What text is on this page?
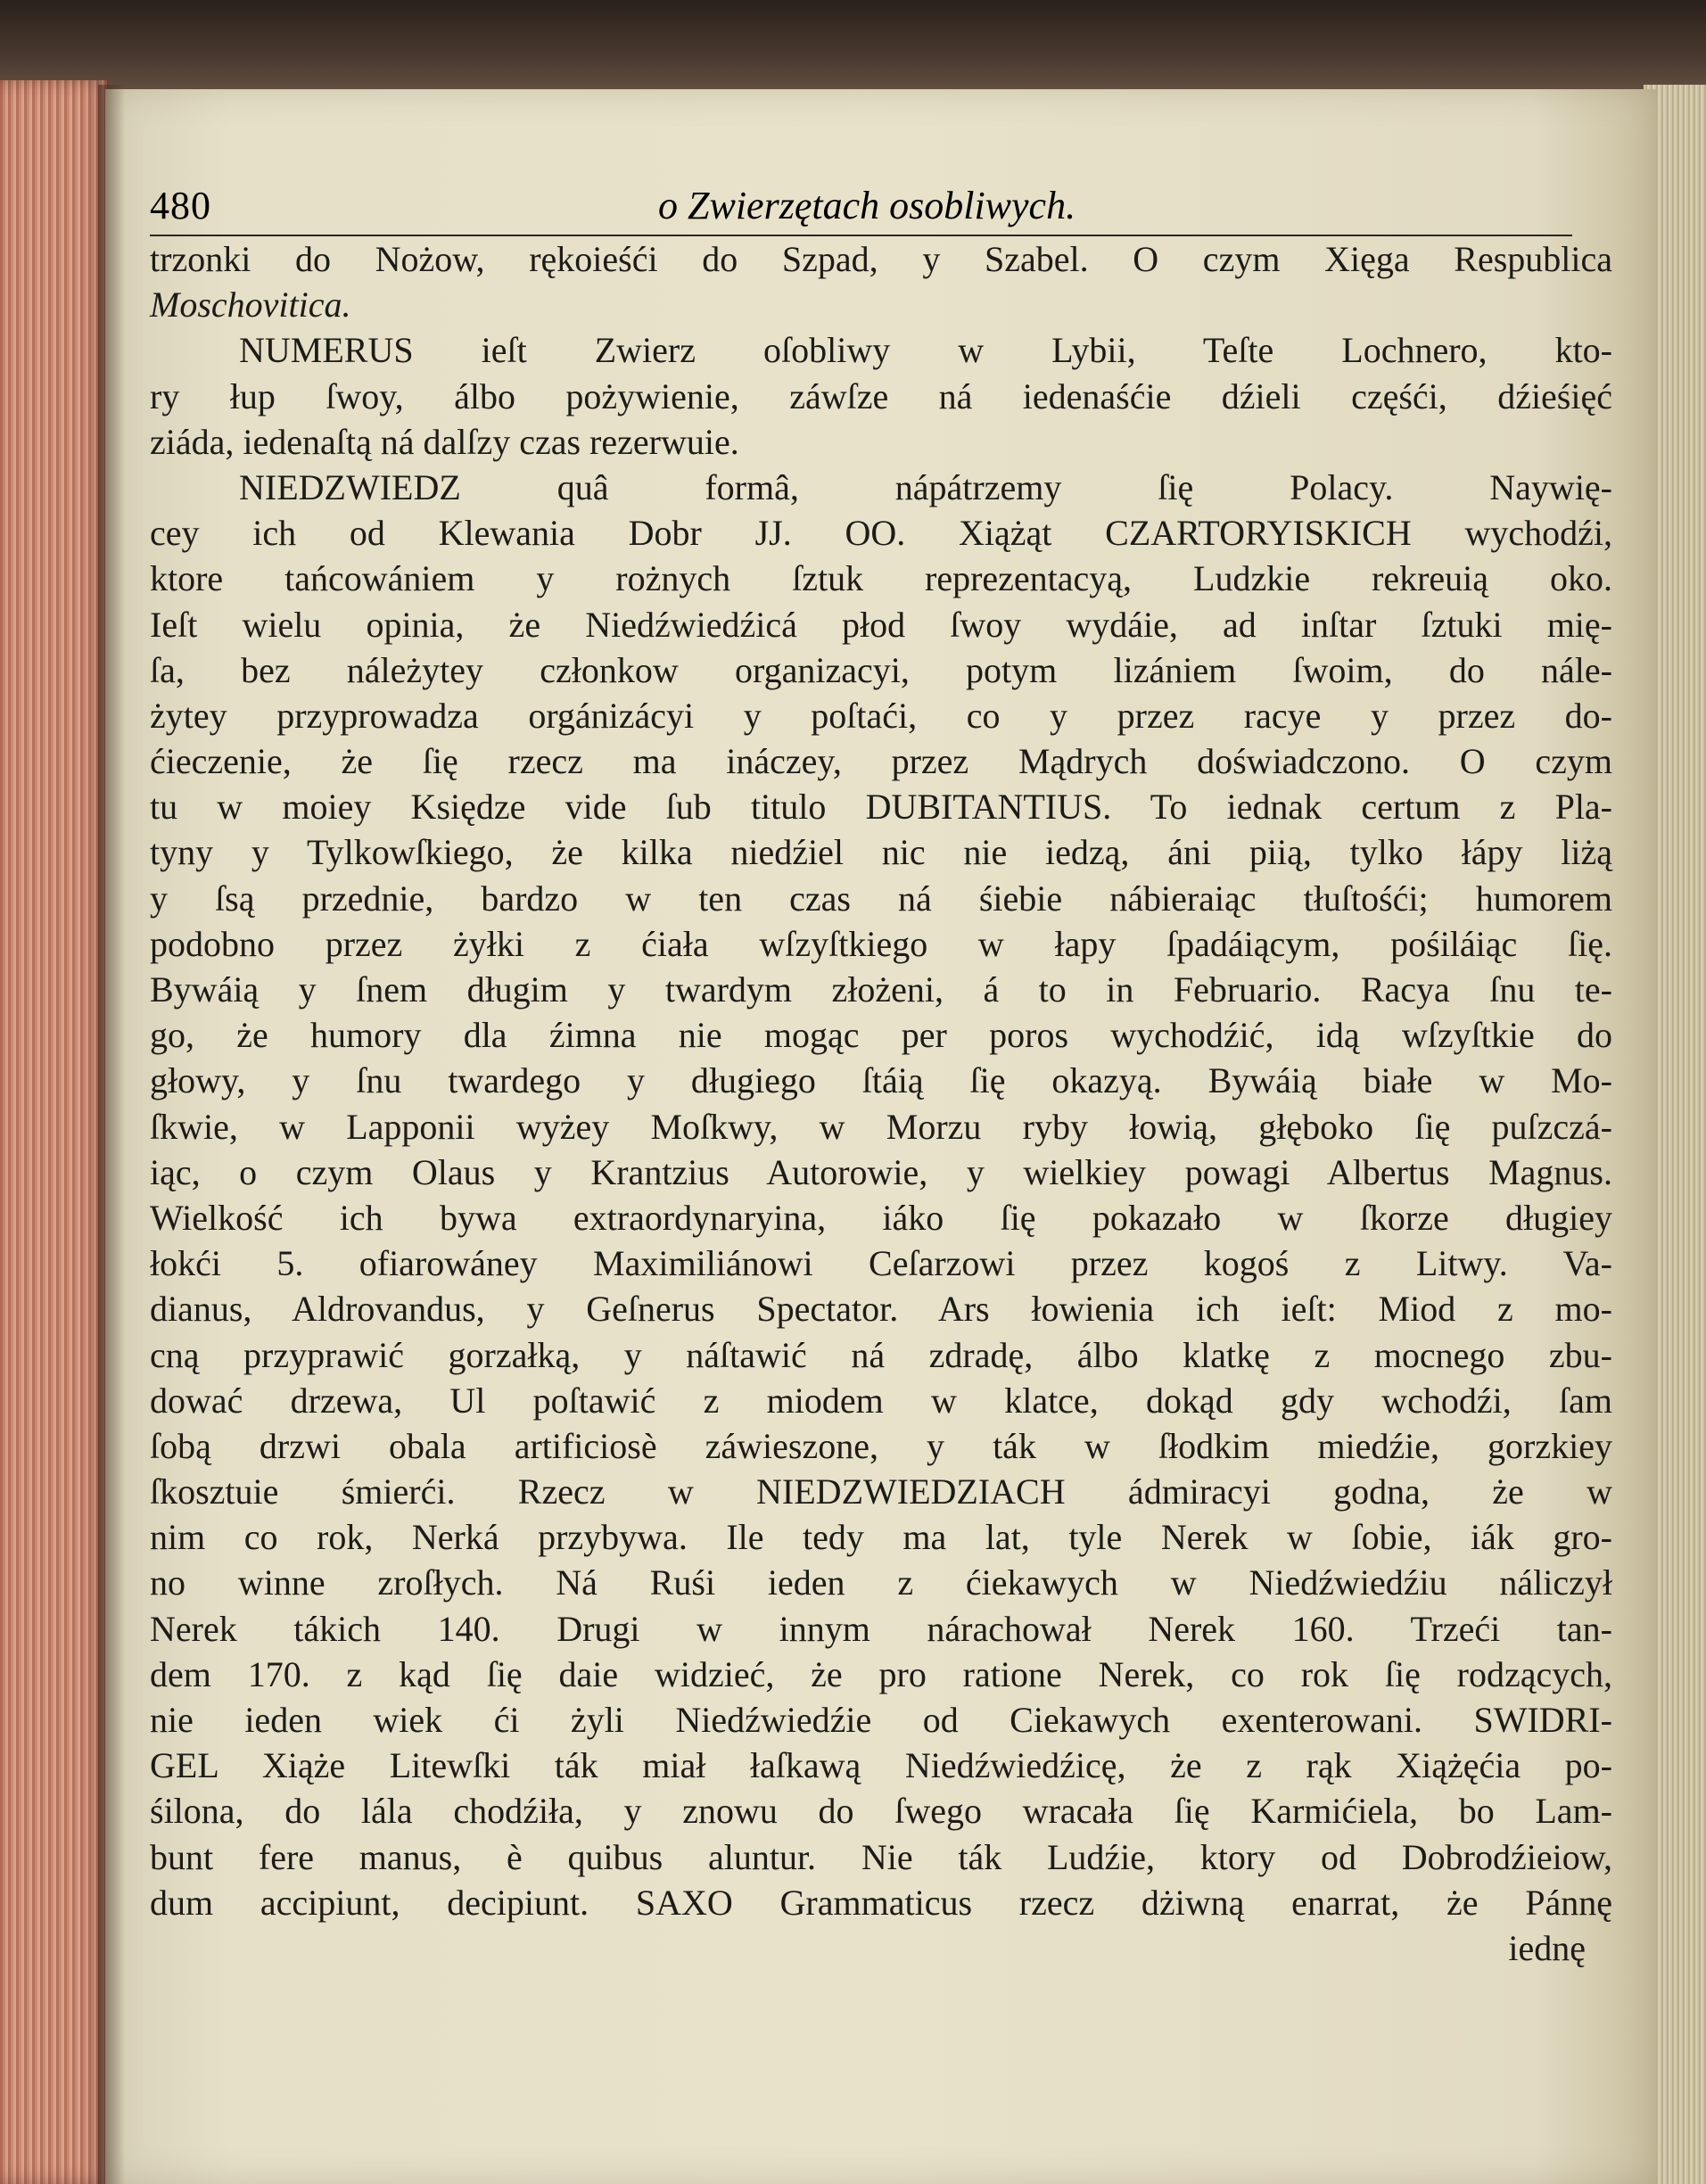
480	o Zwierzętach osobliwych.
trzonki do Nożow, rękoieśći do Szpad, y Szabel. O czym Xięga Respublica
Moschovitica.
NUMERUS ieſt Zwierz oſobliwy w Lybii, Teſte Lochnero, kto-
ry łup ſwoy, álbo pożywienie, záwſze ná iedenaśćie dźieli częśći, dźieśięć
ziáda, iedenaſtą ná dalſzy czas rezerwuie.
NIEDZWIEDZ quâ formâ, nápátrzemy ſię Polacy. Naywię-
cey ich od Klewania Dobr JJ. OO. Xiążąt CZARTORYISKICH wychodźi,
ktore tańcowániem y rożnych ſztuk reprezentacyą, Ludzkie rekreuią oko.
Ieſt wielu opinia, że Niedźwiedźicá płod ſwoy wydáie, ad inſtar ſztuki mię-
ſa, bez náleżytey członkow organizacyi, potym lizániem ſwoim, do nále-
żytey przyprowadza orgánizácyi y poſtaći, co y przez racye y przez do-
ćieczenie, że ſię rzecz ma ináczey, przez Mądrych doświadczono. O czym
tu w moiey Księdze vide ſub titulo DUBITANTIUS. To iednak certum z Pla-
tyny y Tylkowſkiego, że kilka niedźiel nic nie iedzą, áni piią, tylko łápy liżą
y ſsą przednie, bardzo w ten czas ná śiebie nábieraiąc tłuſtośći; humorem
podobno przez żyłki z ćiała wſzyſtkiego w łapy ſpadáiącym, pośiláiąc ſię.
Bywáią y ſnem długim y twardym złożeni, á to in Februario. Racya ſnu te-
go, że humory dla źimna nie mogąc per poros wychodźić, idą wſzyſtkie do
głowy, y ſnu twardego y długiego ſtáią ſię okazyą. Bywáią białe w Mo-
ſkwie, w Lapponii wyżey Moſkwy, w Morzu ryby łowią, głęboko ſię puſzczá-
iąc, o czym Olaus y Krantzius Autorowie, y wielkiey powagi Albertus Magnus.
Wielkość ich bywa extraordynaryina, iáko ſię pokazało w ſkorze długiey
łokći 5. ofiarowáney Maximiliánowi Ceſarzowi przez kogoś z Litwy. Va-
dianus, Aldrovandus, y Geſnerus Spectator. Ars łowienia ich ieſt: Miod z mo-
cną przyprawić gorzałką, y náſtawić ná zdradę, álbo klatkę z mocnego zbu-
dować drzewa, Ul poſtawić z miodem w klatce, dokąd gdy wchodźi, ſam
ſobą drzwi obala artificiosè záwieszone, y ták w ſłodkim miedźie, gorzkiey
ſkosztuie śmierći. Rzecz w NIEDZWIEDZIACH ádmiracyi godna, że w
nim co rok, Nerká przybywa. Ile tedy ma lat, tyle Nerek w ſobie, iák gro-
no winne zroſłych. Ná Ruśi ieden z ćiekawych w Niedźwiedźiu náliczył
Nerek tákich 140. Drugi w innym nárachował Nerek 160. Trzeći tan-
dem 170. z kąd ſię daie widzieć, że pro ratione Nerek, co rok ſię rodzących,
nie ieden wiek ći żyli Niedźwiedźie od Ciekawych exenterowani. SWIDRI-
GEL Xiąże Litewſki ták miał łaſkawą Niedźwiedźicę, że z rąk Xiążęćia po-
śilona, do lála chodźiła, y znowu do ſwego wracała ſię Karmićiela, bo Lam-
bunt fere manus, è quibus aluntur. Nie ták Ludźie, ktory od Dobrodźieiow,
dum accipiunt, decipiunt. SAXO Grammaticus rzecz dżiwną enarrat, że Pánnę
iednę
